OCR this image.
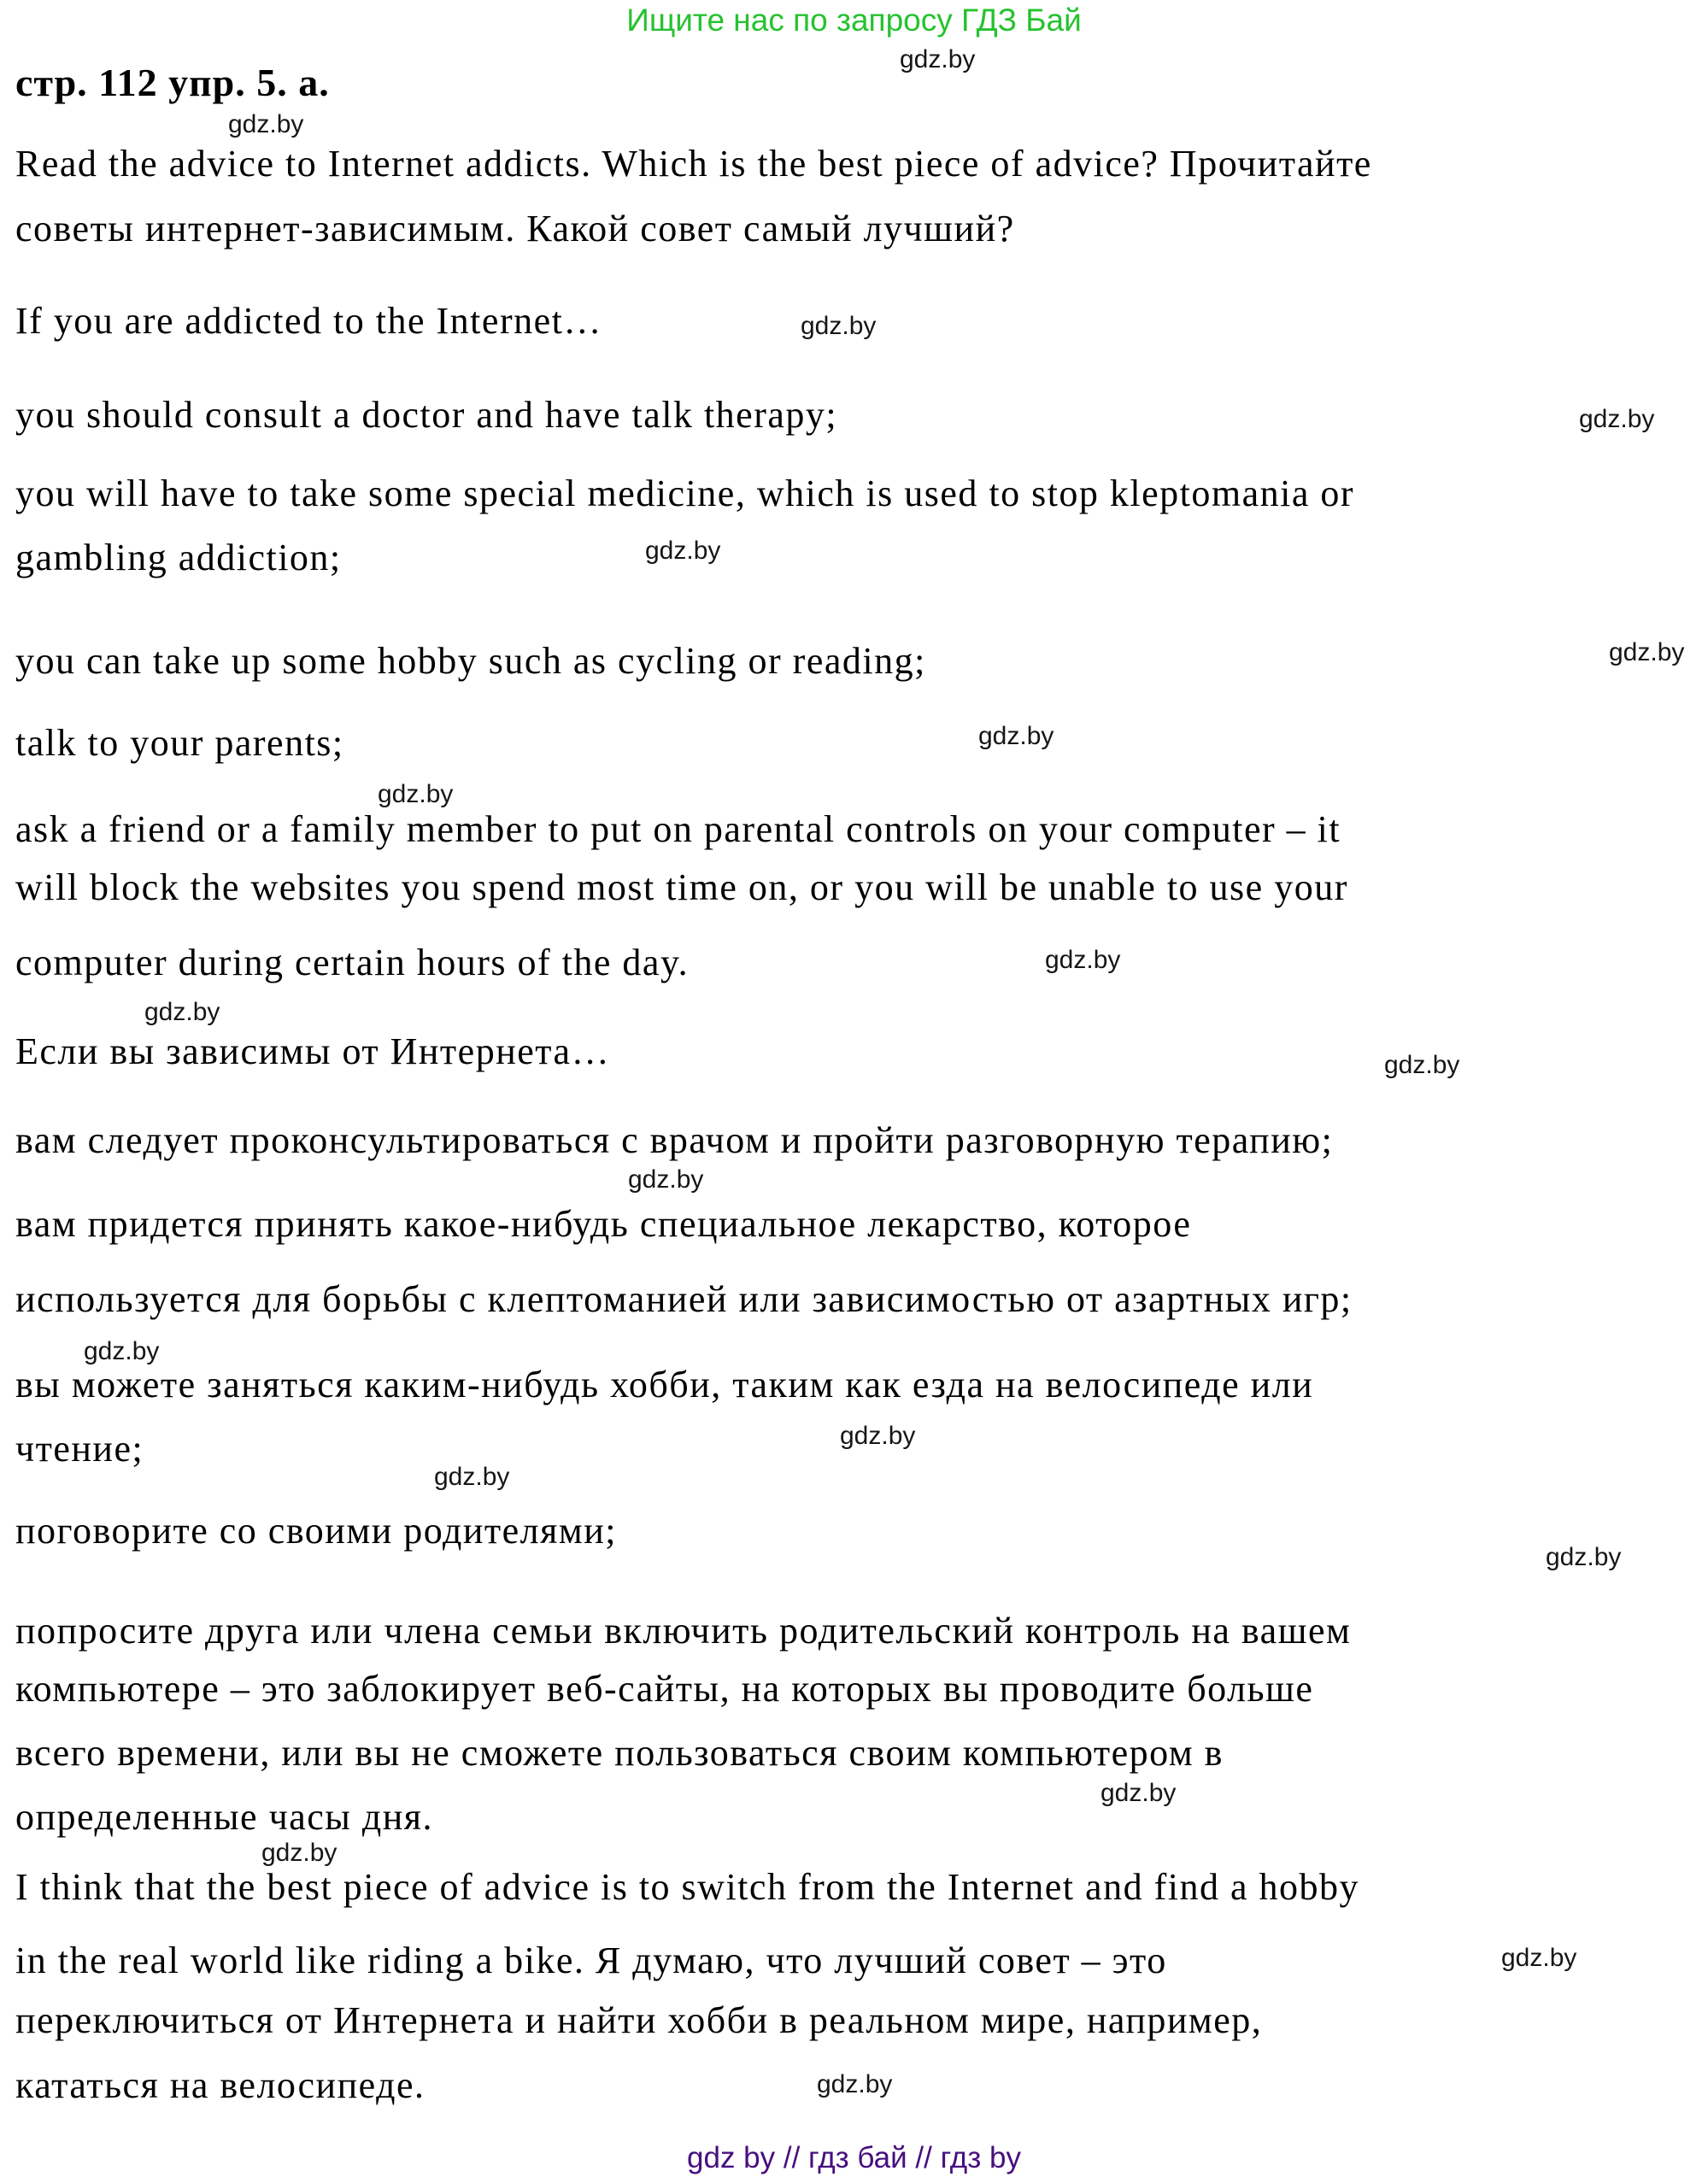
Ищите нас по запросу ГДЗ Бай
стр. 112 упр. 5. а.
Read the advice to Internet addicts. Which is the best piece of advice? Прочитайте
советы интернет-зависимым. Какой совет самый лучший?
If you are addicted to the Internet…
you should consult a doctor and have talk therapy;
you will have to take some special medicine, which is used to stop kleptomania or
gambling addiction;
you can take up some hobby such as cycling or reading;
talk to your parents;
ask a friend or a family member to put on parental controls on your computer – it
will block the websites you spend most time on, or you will be unable to use your
computer during certain hours of the day.
Если вы зависимы от Интернета…
вам следует проконсультироваться с врачом и пройти разговорную терапию;
вам придется принять какое-нибудь специальное лекарство, которое
используется для борьбы с клептоманией или зависимостью от азартных игр;
вы можете заняться каким-нибудь хобби, таким как езда на велосипеде или
чтение;
поговорите со своими родителями;
попросите друга или члена семьи включить родительский контроль на вашем
компьютере – это заблокирует веб-сайты, на которых вы проводите больше
всего времени, или вы не сможете пользоваться своим компьютером в
определенные часы дня.
I think that the best piece of advice is to switch from the Internet and find a hobby
in the real world like riding a bike. Я думаю, что лучший совет – это
переключиться от Интернета и найти хобби в реальном мире, например,
кататься на велосипеде.
gdz.by
gdz.by
gdz.by
gdz.by
gdz.by
gdz.by
gdz.by
gdz.by
gdz.by
gdz.by
gdz.by
gdz.by
gdz.by
gdz.by
gdz.by
gdz.by
gdz.by
gdz.by
gdz.by
gdz.by
gdz by // гдз бай // гдз by
